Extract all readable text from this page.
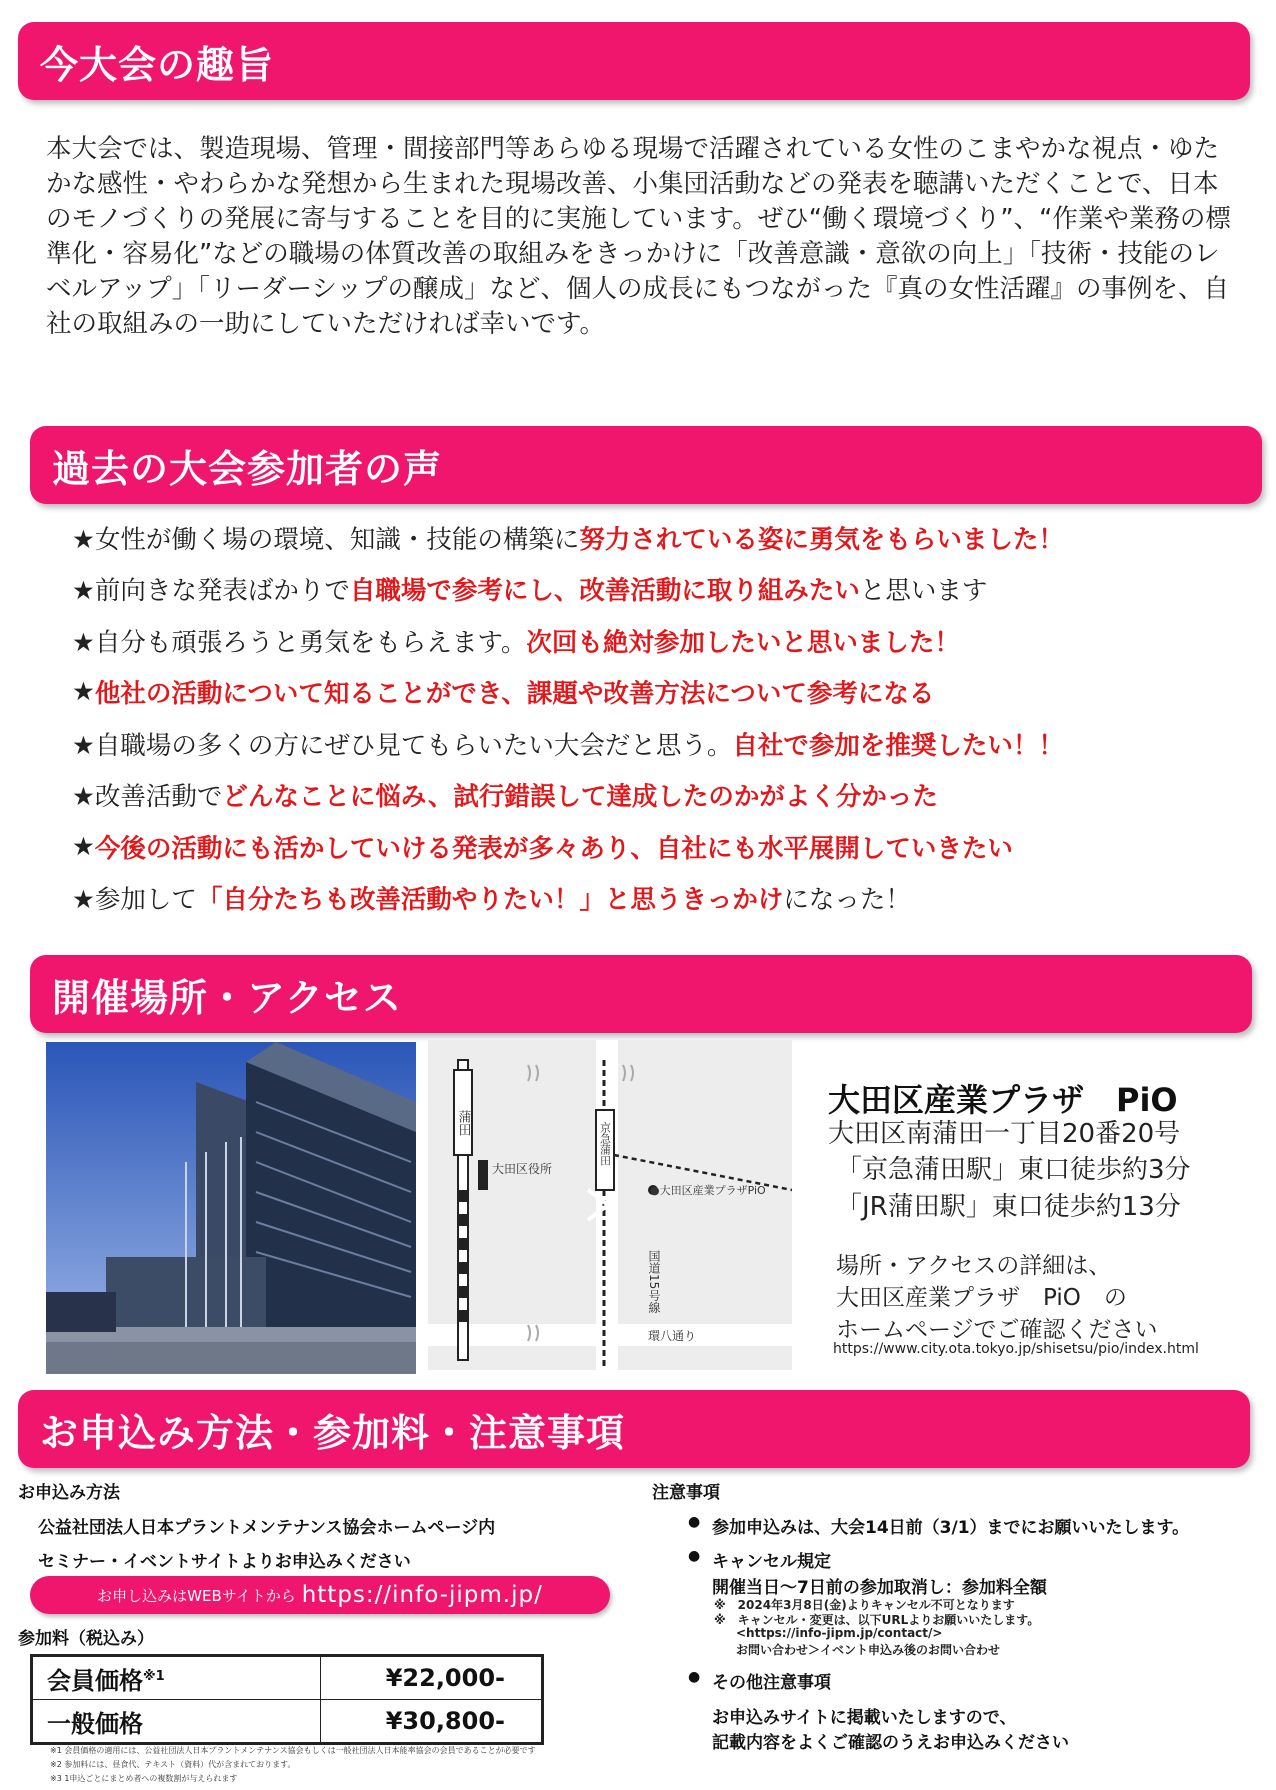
今大会の趣旨
本大会では、製造現場、管理・間接部門等あらゆる現場で活躍されている女性のこまやかな視点・ゆたかな感性・やわらかな発想から生まれた現場改善、小集団活動などの発表を聴講いただくことで、日本のモノづくりの発展に寄与することを目的に実施しています。ぜひ“働く環境づくり”、“作業や業務の標準化・容易化”などの職場の体質改善の取組みをきっかけに「改善意識・意欲の向上」「技術・技能のレベルアップ」「リーダーシップの醸成」など、個人の成長にもつながった『真の女性活躍』の事例を、自社の取組みの一助にしていただければ幸いです。
過去の大会参加者の声
★女性が働く場の環境、知識・技能の構築に 努力されている姿に勇気をもらいました！
★前向きな発表ばかりで 自職場で参考にし、改善活動に取り組みたい と思います
★自分も頑張ろうと勇気をもらえます。 次回も絶対参加したいと思いました！
★ 他社の活動について知ることができ、課題や改善方法について参考になる
★自職場の多くの方にぜひ見てもらいたい大会だと思う。 自社で参加を推奨したい！！
★改善活動で どんなことに悩み、試行錯誤して達成したのかがよく分かった
★ 今後の活動にも活かしていける発表が多々あり、自社にも水平展開していきたい
★参加して 「自分たちも改善活動やりたい！」と思うきっかけ になった！
開催場所・アクセス
蒲田	京急蒲田
大田区役所
●大田区産業プラザPiO
国道15号線
環八通り
大田区産業プラザ　PiO
大田区南蒲田一丁目20番20号
「京急蒲田駅」東口徒歩約3分
「JR蒲田駅」東口徒歩約13分
場所・アクセスの詳細は、
大田区産業プラザ　PiO　の
ホームページでご確認ください
https://www.city.ota.tokyo.jp/shisetsu/pio/index.html
お申込み方法・参加料・注意事項
お申込み方法
公益社団法人日本プラントメンテナンス協会ホームページ内
セミナー・イベントサイトよりお申込みください
お申し込みはWEBサイトから https://info-jipm.jp/
参加料（税込み）
会員価格$^{※1}$	¥22,000-
一般価格	¥30,800-
※1 会員価格の適用には、公益社団法人日本プラントメンテナンス協会もしくは一般社団法人日本能率協会の会員であることが必要です
※2 参加料には、昼食代、テキスト（資料）代が含まれております。
※3 1申込ごとにまとめ者への複数割が与えられます
注意事項
● 参加申込みは、大会14日前（3/1）までにお願いいたします。
● キャンセル規定
開催当日～7日前の参加取消し：参加料全額
※　2024年3月8日(金)よりキャンセル不可となります
※　キャンセル・変更は、以下URLよりお願いいたします。
<https://info-jipm.jp/contact/>
お問い合わせ＞イベント申込み後のお問い合わせ
● その他注意事項
お申込みサイトに掲載いたしますので、
記載内容をよくご確認のうえお申込みください
